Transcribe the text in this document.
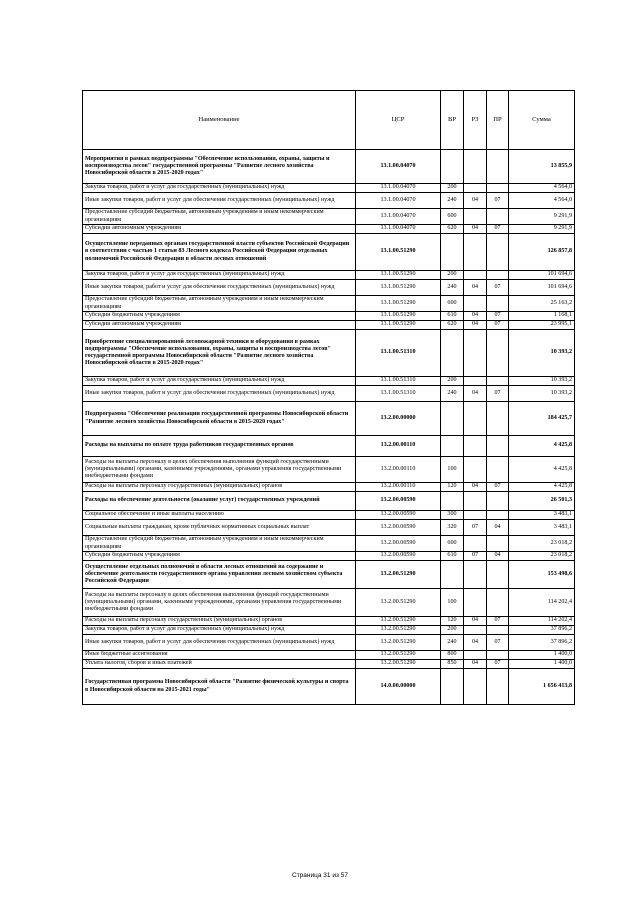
Наименование	ЦСР	ВР	РЗ	ПР	Сумма
Мероприятия в рамках подпрограммы "Обеспечение использования, охраны, защиты и воспроизводства лесов" государственной программы "Развитие лесного хозяйства Новосибирской области в 2015-2020 годах"	13.1.00.04070				13 855,9
Закупка товаров, работ и услуг для государственных (муниципальных) нужд	13.1.00.04070	200			4 564,0
Иные закупки товаров, работ и услуг для обеспечения государственных (муниципальных) нужд	13.1.00.04070	240	04	07	4 564,0
Предоставление субсидий бюджетным, автономным учреждениям и иным некоммерческим организациям	13.1.00.04070	600			9 291,9
Субсидии автономным учреждениям	13.1.00.04070	620	04	07	9 291,9
Осуществление переданных органам государственной власти субъектов Российской Федерации в соответствии с частью 1 статьи 83 Лесного кодекса Российской Федерации отдельных полномочий Российской Федерации в области лесных отношений	13.1.00.51290				126 857,8
Закупка товаров, работ и услуг для государственных (муниципальных) нужд	13.1.00.51290	200			101 694,6
Иные закупки товаров, работ и услуг для обеспечения государственных (муниципальных) нужд	13.1.00.51290	240	04	07	101 694,6
Предоставление субсидий бюджетным, автономным учреждениям и иным некоммерческим организациям	13.1.00.51290	600			25 163,2
Субсидии бюджетным учреждениям	13.1.00.51290	610	04	07	1 168,1
Субсидии автономным учреждениям	13.1.00.51290	620	04	07	23 995,1
Приобретение специализированной лесопожарной техники и оборудования в рамках подпрограммы "Обеспечение использования, охраны, защиты и воспроизводства лесов" государственной программы Новосибирской области "Развитие лесного хозяйства Новосибирской области в 2015-2020 годах"	13.1.00.51310				10 393,2
Закупка товаров, работ и услуг для государственных (муниципальных) нужд	13.1.00.51310	200			10 393,2
Иные закупки товаров, работ и услуг для обеспечения государственных (муниципальных) нужд	13.1.00.51310	240	04	07	10 393,2
Подпрограмма "Обеспечение реализации государственной программы Новосибирской области "Развитие лесного хозяйства Новосибирской области в 2015-2020 годах"	13.2.00.00000				184 425,7
Расходы на выплаты по оплате труда работников государственных органов	13.2.00.00110				4 425,8
Расходы на выплаты персоналу в целях обеспечения выполнения функций государственными (муниципальными) органами, казенными учреждениями, органами управления государственными внебюджетными фондами	13.2.00.00110	100			4 425,8
Расходы на выплаты персоналу государственных (муниципальных) органов	13.2.00.00110	120	04	07	4 425,8
Расходы на обеспечение деятельности (оказание услуг) государственных учреждений	13.2.00.00590				26 501,3
Социальное обеспечение и иные выплаты населению	13.2.00.00590	300			3 483,1
Социальные выплаты гражданам, кроме публичных нормативных социальных выплат	13.2.00.00590	320	07	04	3 483,1
Предоставление субсидий бюджетным, автономным учреждениям и иным некоммерческим организациям	13.2.00.00590	600			23 018,2
Субсидии бюджетным учреждениям	13.2.00.00590	610	07	04	23 018,2
Осуществление отдельных полномочий в области лесных отношений на содержание и обеспечение деятельности государственного органа управления лесным хозяйством субъекта Российской Федерации	13.2.00.51290				153 498,6
Расходы на выплаты персоналу в целях обеспечения выполнения функций государственными (муниципальными) органами, казенными учреждениями, органами управления государственными внебюджетными фондами	13.2.00.51290	100			114 202,4
Расходы на выплаты персоналу государственных (муниципальных) органов	13.2.00.51290	120	04	07	114 202,4
Закупка товаров, работ и услуг для государственных (муниципальных) нужд	13.2.00.51290	200			37 896,2
Иные закупки товаров, работ и услуг для обеспечения государственных (муниципальных) нужд	13.2.00.51290	240	04	07	37 896,2
Иные бюджетные ассигнования	13.2.00.51290	800			1 400,0
Уплата налогов, сборов и иных платежей	13.2.00.51290	850	04	07	1 400,0
Государственная программа Новосибирской области "Развитие физической культуры и спорта в Новосибирской области на 2015-2021 годы"	14.0.00.00000				1 656 413,8
Страница 31 из 57
